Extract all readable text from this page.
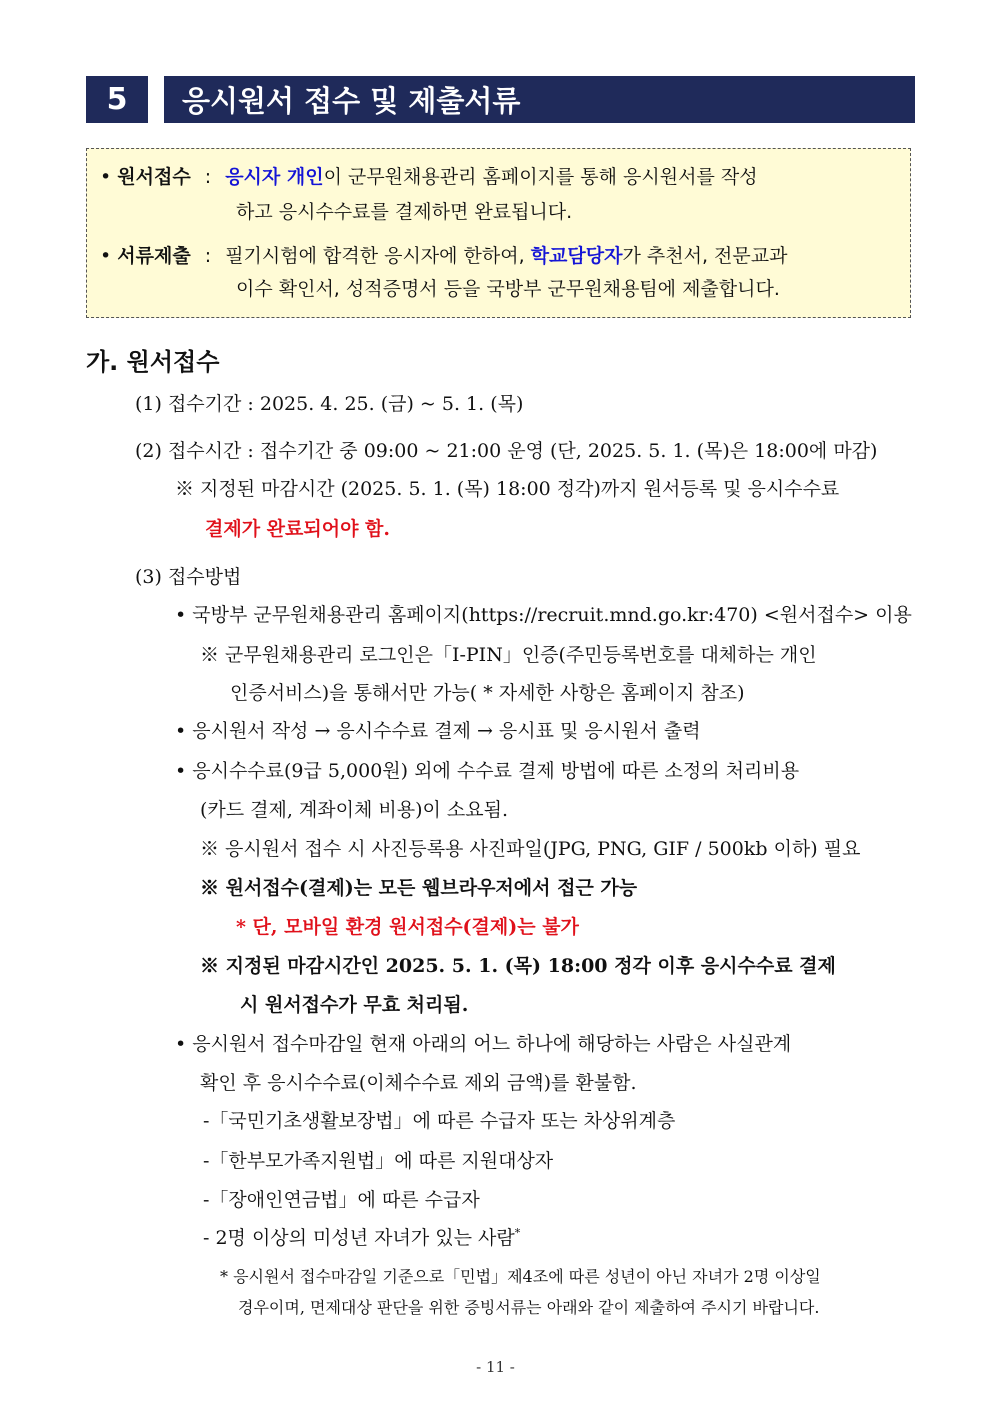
5	응시원서 접수 및 제출서류
• 원서접수 : 응시자 개인이 군무원채용관리 홈페이지를 통해 응시원서를 작성
하고 응시수수료를 결제하면 완료됩니다.
• 서류제출 : 필기시험에 합격한 응시자에 한하여, 학교담당자가 추천서, 전문교과
이수 확인서, 성적증명서 등을 국방부 군무원채용팀에 제출합니다.
가. 원서접수
(1) 접수기간 : 2025. 4. 25. (금) ~ 5. 1. (목)
(2) 접수시간 : 접수기간 중 09:00 ~ 21:00 운영 (단, 2025. 5. 1. (목)은 18:00에 마감)
※ 지정된 마감시간 (2025. 5. 1. (목) 18:00 정각)까지 원서등록 및 응시수수료
결제가 완료되어야 함.
(3) 접수방법
• 국방부 군무원채용관리 홈페이지(https://recruit.mnd.go.kr:470) <원서접수> 이용
※ 군무원채용관리 로그인은「I-PIN」인증(주민등록번호를 대체하는 개인
인증서비스)을 통해서만 가능( * 자세한 사항은 홈페이지 참조)
• 응시원서 작성 → 응시수수료 결제 → 응시표 및 응시원서 출력
• 응시수수료(9급 5,000원) 외에 수수료 결제 방법에 따른 소정의 처리비용
(카드 결제, 계좌이체 비용)이 소요됨.
※ 응시원서 접수 시 사진등록용 사진파일(JPG, PNG, GIF / 500kb 이하) 필요
※ 원서접수(결제)는 모든 웹브라우저에서 접근 가능
* 단, 모바일 환경 원서접수(결제)는 불가
※ 지정된 마감시간인 2025. 5. 1. (목) 18:00 정각 이후 응시수수료 결제
시 원서접수가 무효 처리됨.
• 응시원서 접수마감일 현재 아래의 어느 하나에 해당하는 사람은 사실관계
확인 후 응시수수료(이체수수료 제외 금액)를 환불함.
-「국민기초생활보장법」에 따른 수급자 또는 차상위계층
-「한부모가족지원법」에 따른 지원대상자
-「장애인연금법」에 따른 수급자
- 2명 이상의 미성년 자녀가 있는 사람*
* 응시원서 접수마감일 기준으로「민법」제4조에 따른 성년이 아닌 자녀가 2명 이상일
경우이며, 면제대상 판단을 위한 증빙서류는 아래와 같이 제출하여 주시기 바랍니다.
- 11 -
